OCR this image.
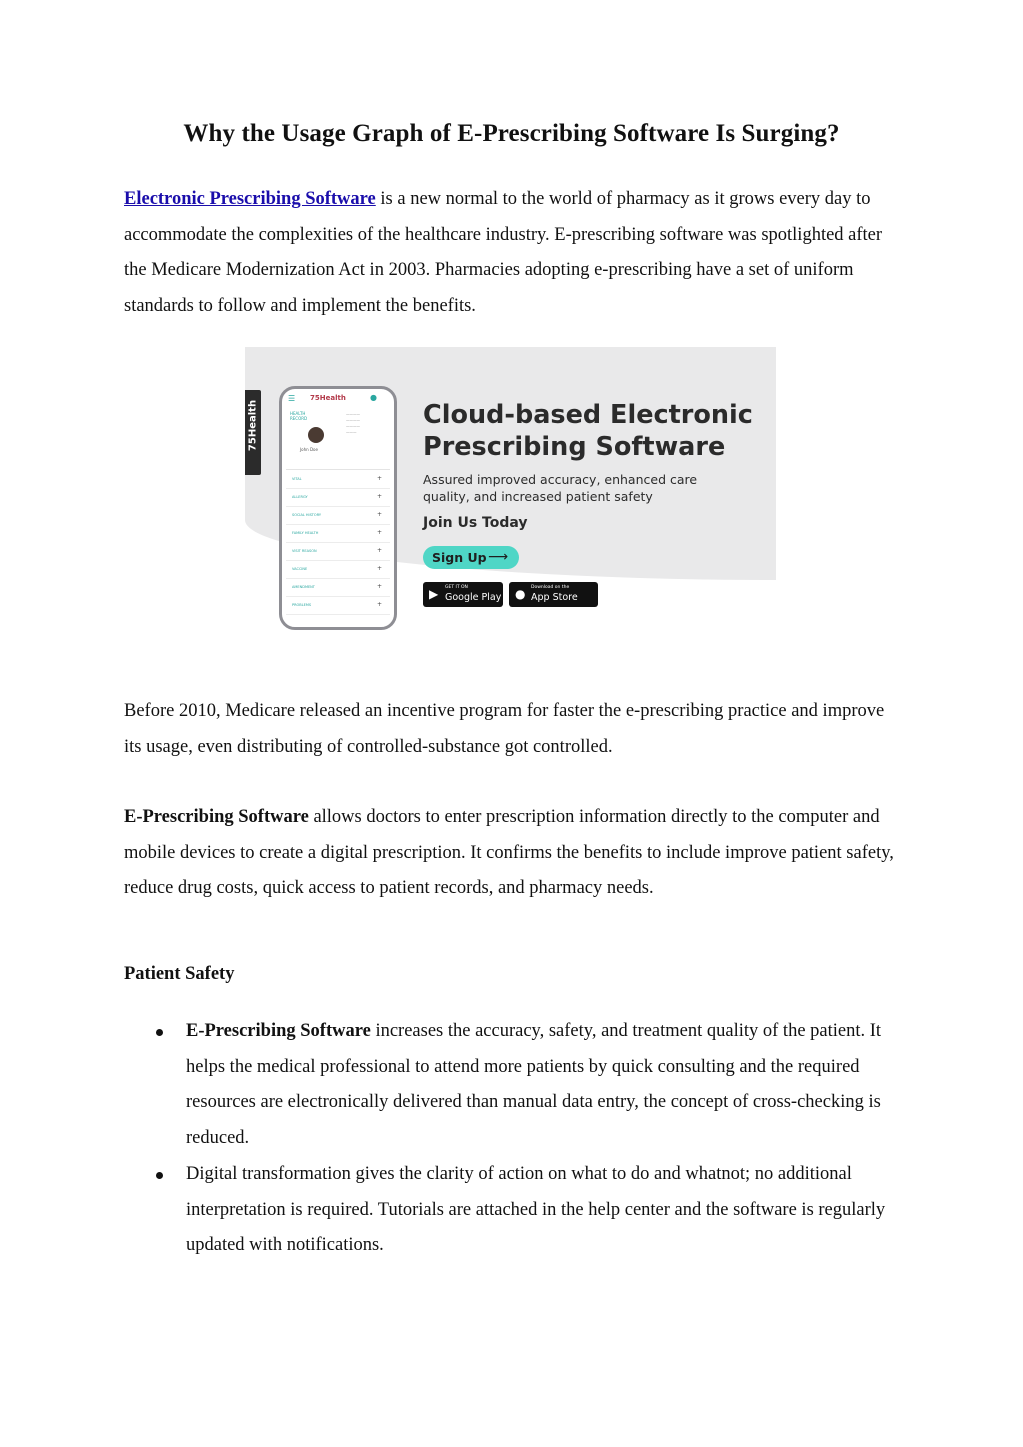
Why the Usage Graph of E-Prescribing Software Is Surging?

Electronic Prescribing Software is a new normal to the world of pharmacy as it grows every day to accommodate the complexities of the healthcare industry. E-prescribing software was spotlighted after the Medicare Modernization Act in 2003. Pharmacies adopting e-prescribing have a set of uniform standards to follow and implement the benefits.

75Health
☰ 75Health	●
HEALTH RECORD
John Doe
————
————
————
———
VITAL	+
ALLERGY	+
SOCIAL HISTORY	+
FAMILY HEALTH	+
VISIT REASON	+
VACCINE	+
AMENDMENT	+
PROBLEMS	+

Cloud-based Electronic Prescribing Software

Assured improved accuracy, enhanced care quality, and increased patient safety

Join Us Today

Sign Up ⟶
▶ GET IT ON
Google Play ● Download on the
App Store

Before 2010, Medicare released an incentive program for faster the e-prescribing practice and improve its usage, even distributing of controlled-substance got controlled.

E-Prescribing Software allows doctors to enter prescription information directly to the computer and mobile devices to create a digital prescription. It confirms the benefits to include improve patient safety, reduce drug costs, quick access to patient records, and pharmacy needs.

Patient Safety

E-Prescribing Software increases the accuracy, safety, and treatment quality of the patient. It helps the medical professional to attend more patients by quick consulting and the required resources are electronically delivered than manual data entry, the concept of cross-checking is reduced.
Digital transformation gives the clarity of action on what to do and whatnot; no additional interpretation is required. Tutorials are attached in the help center and the software is regularly updated with notifications.
